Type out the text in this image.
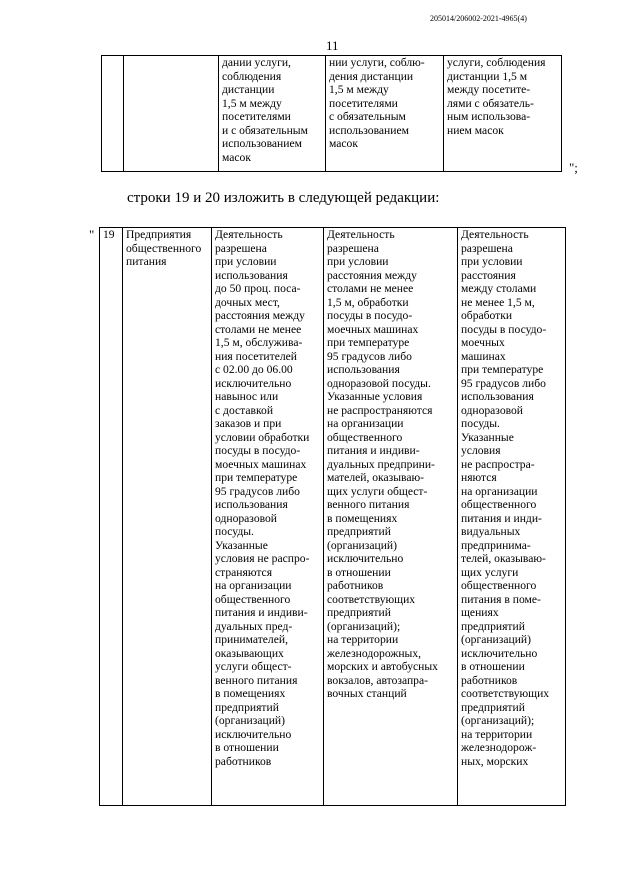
205014/206002-2021-4965(4)
11

дании услуги,
соблюдения
дистанции
1,5 м между
посетителями
и с обязательным
использованием
масок

нии услуги, соблю-
дения дистанции
1,5 м между
посетителями
с обязательным
использованием
масок

услуги, соблюдения
дистанции 1,5 м
между посетите-
лями с обязатель-
ным использова-
нием масок
";
строки 19 и 20 изложить в следующей редакции:
" 19	Предприятия
общественного
питания

Деятельность
разрешена
при условии
использования
до 50 проц. поса-
дочных мест,
расстояния между
столами не менее
1,5 м, обслужива-
ния посетителей
с 02.00 до 06.00
исключительно
навынос или
с доставкой
заказов и при
условии обработки
посуды в посудо-
моечных машинах
при температуре
95 градусов либо
использования
одноразовой
посуды.
Указанные
условия не распро-
страняются
на организации
общественного
питания и индиви-
дуальных пред-
принимателей,
оказывающих
услуги общест-
венного питания
в помещениях
предприятий
(организаций)
исключительно
в отношении
работников

Деятельность
разрешена
при условии
расстояния между
столами не менее
1,5 м, обработки
посуды в посудо-
моечных машинах
при температуре
95 градусов либо
использования
одноразовой посуды.
Указанные условия
не распространяются
на организации
общественного
питания и индиви-
дуальных предприни-
мателей, оказываю-
щих услуги общест-
венного питания
в помещениях
предприятий
(организаций)
исключительно
в отношении
работников
соответствующих
предприятий
(организаций);
на территории
железнодорожных,
морских и автобусных
вокзалов, автозапра-
вочных станций

Деятельность
разрешена
при условии
расстояния
между столами
не менее 1,5 м,
обработки
посуды в посудо-
моечных
машинах
при температуре
95 градусов либо
использования
одноразовой
посуды.
Указанные
условия
не распростра-
няются
на организации
общественного
питания и инди-
видуальных
предпринима-
телей, оказываю-
щих услуги
общественного
питания в поме-
щениях
предприятий
(организаций)
исключительно
в отношении
работников
соответствующих
предприятий
(организаций);
на территории
железнодорож-
ных, морских
